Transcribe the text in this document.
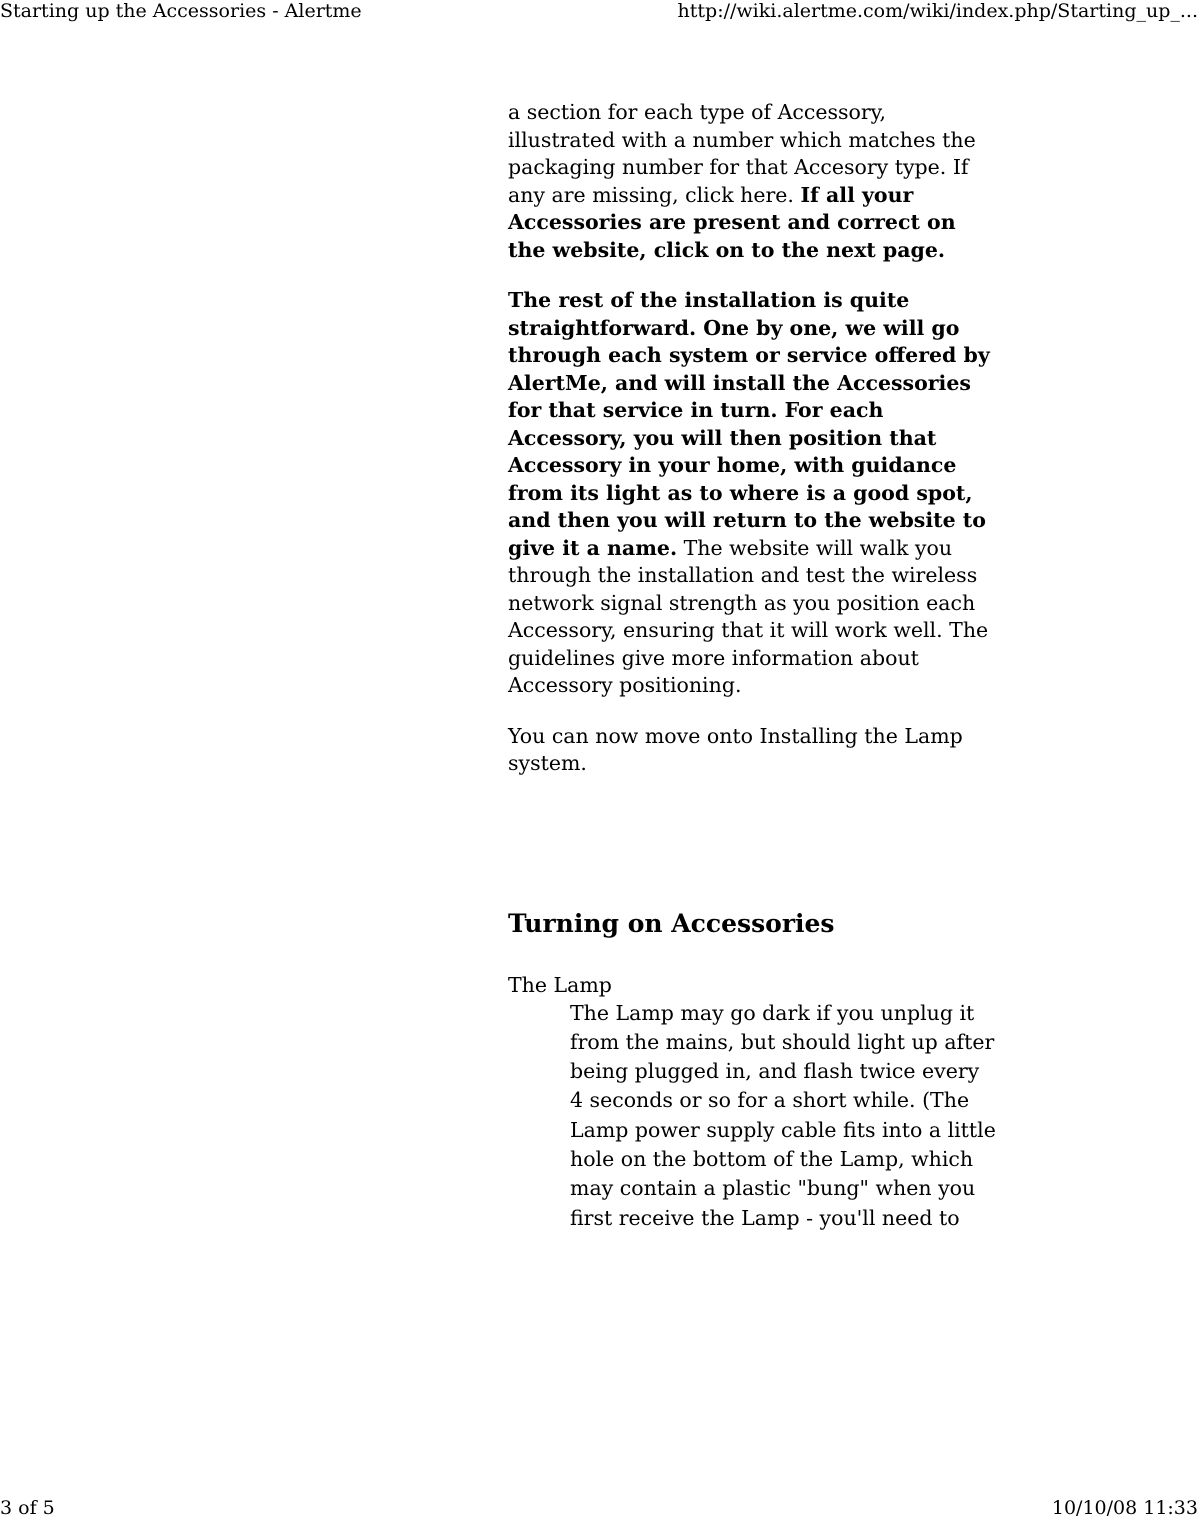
Starting up the Accessories - Alertme	http://wiki.alertme.com/wiki/index.php/Starting_up_...

a section for each type of Accessory, illustrated with a number which matches the packaging number for that Accesory type. If any are missing, click here. If all your Accessories are present and correct on the website, click on to the next page.

The rest of the installation is quite straightforward. One by one, we will go through each system or service offered by AlertMe, and will install the Accessories for that service in turn. For each Accessory, you will then position that Accessory in your home, with guidance from its light as to where is a good spot, and then you will return to the website to give it a name. The website will walk you through the installation and test the wireless network signal strength as you position each Accessory, ensuring that it will work well. The guidelines give more information about Accessory positioning.

You can now move onto Installing the Lamp system.

Turning on Accessories
The Lamp
The Lamp may go dark if you unplug it from the mains, but should light up after being plugged in, and flash twice every 4 seconds or so for a short while. (The Lamp power supply cable fits into a little hole on the bottom of the Lamp, which may contain a plastic "bung" when you first receive the Lamp - you'll need to
3 of 5	10/10/08 11:33
